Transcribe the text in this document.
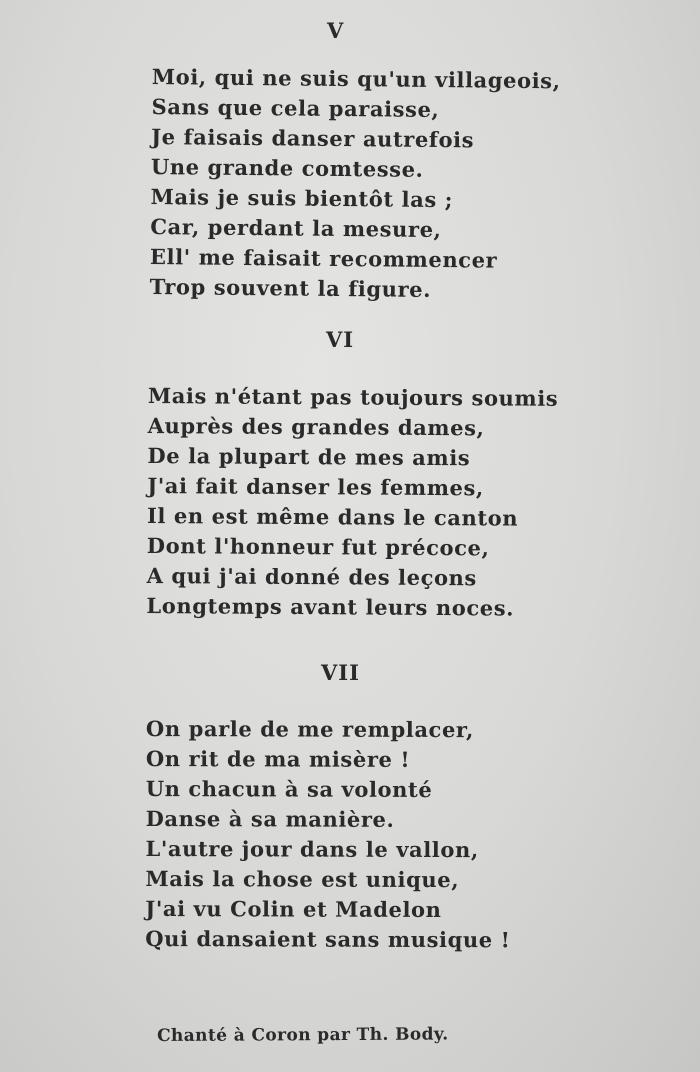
V
Moi, qui ne suis qu'un villageois,
Sans que cela paraisse,
Je faisais danser autrefois
Une grande comtesse.
Mais je suis bientôt las ;
Car, perdant la mesure,
Ell' me faisait recommencer
Trop souvent la figure.
VI
Mais n'étant pas toujours soumis
Auprès des grandes dames,
De la plupart de mes amis
J'ai fait danser les femmes,
Il en est même dans le canton
Dont l'honneur fut précoce,
A qui j'ai donné des leçons
Longtemps avant leurs noces.
VII
On parle de me remplacer,
On rit de ma misère !
Un chacun à sa volonté
Danse à sa manière.
L'autre jour dans le vallon,
Mais la chose est unique,
J'ai vu Colin et Madelon
Qui dansaient sans musique !
Chanté à Coron par Th. Body.
